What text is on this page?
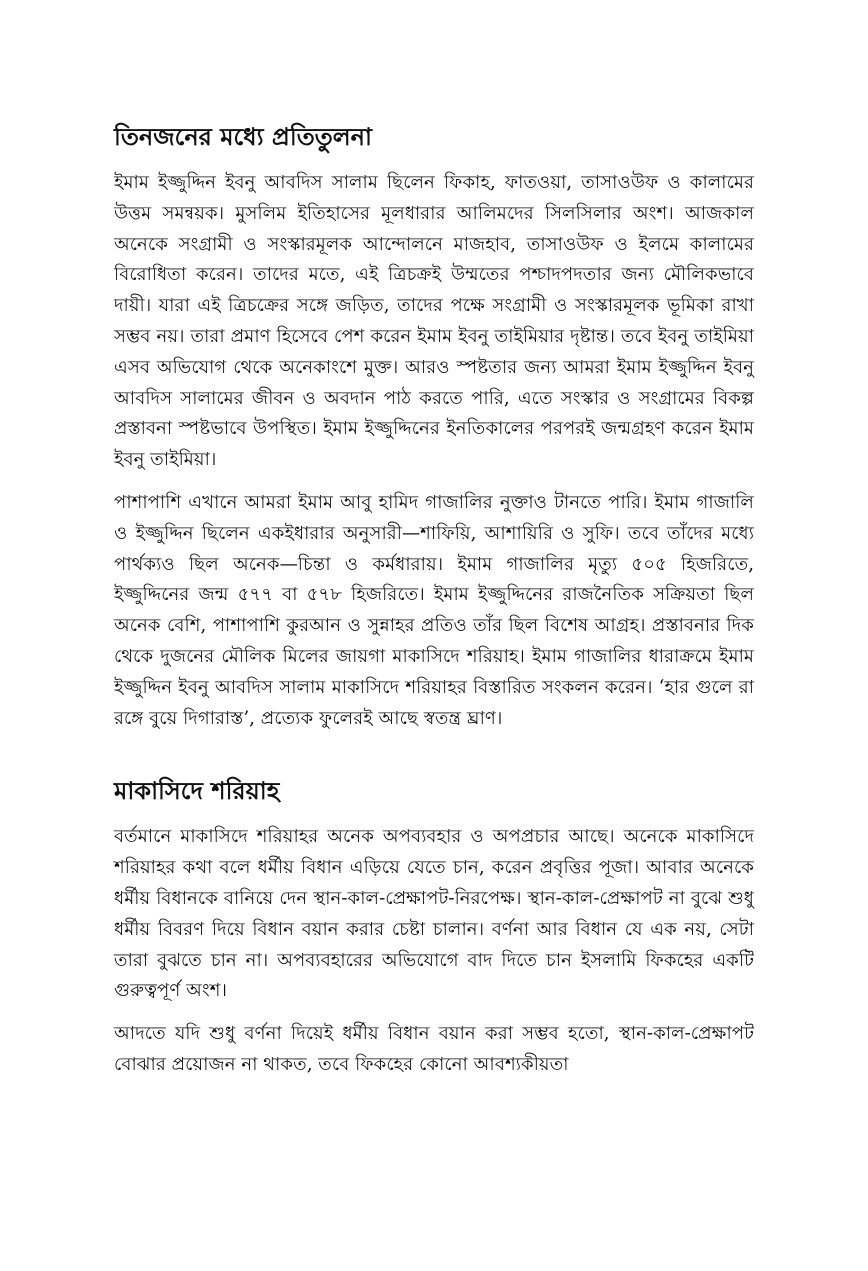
তিনজনের মধ্যে প্রতিতুলনা

ইমাম ইজ্জুদ্দিন ইবনু আবদিস সালাম ছিলেন ফিকাহ, ফাতওয়া, তাসাওউফ ও কালামের উত্তম সমন্বয়ক। মুসলিম ইতিহাসের মূলধারার আলিমদের সিলসিলার অংশ। আজকাল অনেকে সংগ্রামী ও সংস্কারমূলক আন্দোলনে মাজহাব, তাসাওউফ ও ইলমে কালামের বিরোধিতা করেন। তাদের মতে, এই ত্রিচক্রই উম্মতের পশ্চাদপদতার জন্য মৌলিকভাবে দায়ী। যারা এই ত্রিচক্রের সঙ্গে জড়িত, তাদের পক্ষে সংগ্রামী ও সংস্কারমূলক ভূমিকা রাখা সম্ভব নয়। তারা প্রমাণ হিসেবে পেশ করেন ইমাম ইবনু তাইমিয়ার দৃষ্টান্ত। তবে ইবনু তাইমিয়া এসব অভিযোগ থেকে অনেকাংশে মুক্ত। আরও স্পষ্টতার জন্য আমরা ইমাম ইজ্জুদ্দিন ইবনু আবদিস সালামের জীবন ও অবদান পাঠ করতে পারি, এতে সংস্কার ও সংগ্রামের বিকল্প প্রস্তাবনা স্পষ্টভাবে উপস্থিত। ইমাম ইজ্জুদ্দিনের ইনতিকালের পরপরই জন্মগ্রহণ করেন ইমাম ইবনু তাইমিয়া।

পাশাপাশি এখানে আমরা ইমাম আবু হামিদ গাজালির নুক্তাও টানতে পারি। ইমাম গাজালি ও ইজ্জুদ্দিন ছিলেন একইধারার অনুসারী—শাফিয়ি, আশায়িরি ও সুফি। তবে তাঁদের মধ্যে পার্থক্যও ছিল অনেক—চিন্তা ও কর্মধারায়। ইমাম গাজালির মৃত্যু ৫০৫ হিজরিতে, ইজ্জুদ্দিনের জন্ম ৫৭৭ বা ৫৭৮ হিজরিতে। ইমাম ইজ্জুদ্দিনের রাজনৈতিক সক্রিয়তা ছিল অনেক বেশি, পাশাপাশি কুরআন ও সুন্নাহর প্রতিও তাঁর ছিল বিশেষ আগ্রহ। প্রস্তাবনার দিক থেকে দুজনের মৌলিক মিলের জায়গা মাকাসিদে শরিয়াহ। ইমাম গাজালির ধারাক্রমে ইমাম ইজ্জুদ্দিন ইবনু আবদিস সালাম মাকাসিদে শরিয়াহর বিস্তারিত সংকলন করেন। ‘হার গুলে রা রঙ্গে বুয়ে দিগারাস্ত’, প্রত্যেক ফুলেরই আছে স্বতন্ত্র ঘ্রাণ।

মাকাসিদে শরিয়াহ

বর্তমানে মাকাসিদে শরিয়াহর অনেক অপব্যবহার ও অপপ্রচার আছে। অনেকে মাকাসিদে শরিয়াহর কথা বলে ধর্মীয় বিধান এড়িয়ে যেতে চান, করেন প্রবৃত্তির পূজা। আবার অনেকে ধর্মীয় বিধানকে বানিয়ে দেন স্থান-কাল-প্রেক্ষাপট-নিরপেক্ষ। স্থান-কাল-প্রেক্ষাপট না বুঝে শুধু ধর্মীয় বিবরণ দিয়ে বিধান বয়ান করার চেষ্টা চালান। বর্ণনা আর বিধান যে এক নয়, সেটা তারা বুঝতে চান না। অপব্যবহারের অভিযোগে বাদ দিতে চান ইসলামি ফিকহের একটি গুরুত্বপূর্ণ অংশ।

আদতে যদি শুধু বর্ণনা দিয়েই ধর্মীয় বিধান বয়ান করা সম্ভব হতো, স্থান-কাল-প্রেক্ষাপট বোঝার প্রয়োজন না থাকত, তবে ফিকহের কোনো আবশ্যকীয়তা
